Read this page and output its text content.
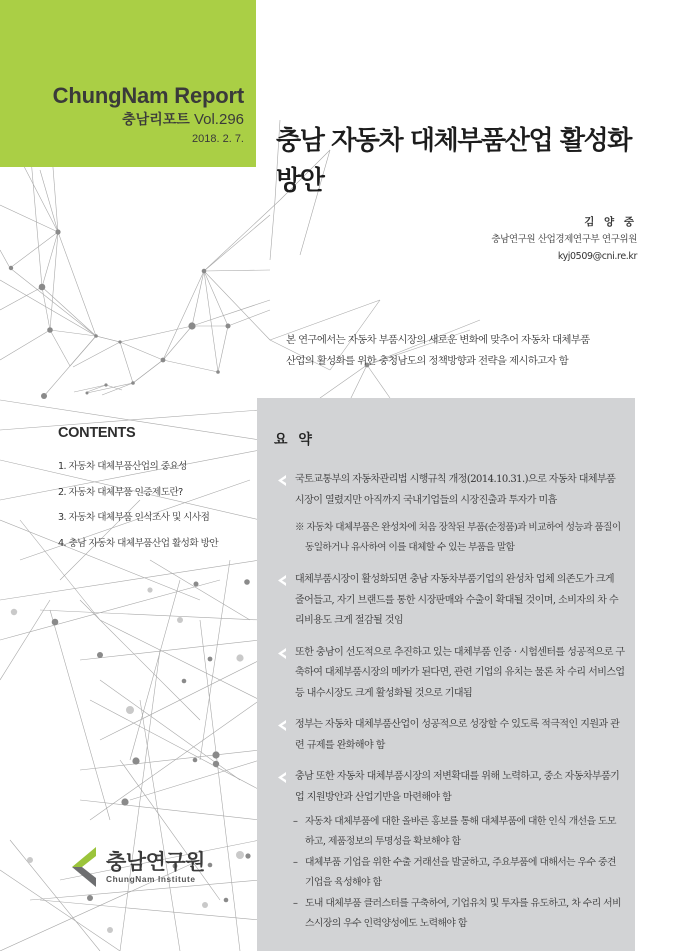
ChungNam Report
충남리포트 Vol.296
2018. 2. 7. 충남 자동차 대체부품산업 활성화
방안
김 양 중
충남연구원 산업경제연구부 연구위원
kyj0509@cni.re.kr
본 연구에서는 자동차 부품시장의 새로운 변화에 맞추어 자동차 대체부품
산업의 활성화를 위한 충청남도의 정책방향과 전략을 제시하고자 함
CONTENTS
1. 자동차 대체부품산업의 중요성
2. 자동차 대체부품 인증제도란?
3. 자동차 대체부품 인식조사 및 시사점
4. 충남 자동차 대체부품산업 활성화 방안
요 약
국토교통부의 자동차관리법 시행규칙 개정(2014.10.31.)으로 자동차 대체부품 시장이 열렸지만 아직까지 국내기업들의 시장진출과 투자가 미흡
※ 자동차 대체부품은 완성차에 처음 장착된 부품(순정품)과 비교하여 성능과 품질이 동일하거나 유사하여 이를 대체할 수 있는 부품을 말함
대체부품시장이 활성화되면 충남 자동차부품기업의 완성차 업체 의존도가 크게 줄어들고, 자기 브랜드를 통한 시장판매와 수출이 확대될 것이며, 소비자의 차 수리비용도 크게 절감될 것임
또한 충남이 선도적으로 추진하고 있는 대체부품 인증 · 시험센터를 성공적으로 구축하여 대체부품시장의 메카가 된다면, 관련 기업의 유치는 물론 차 수리 서비스업 등 내수시장도 크게 활성화될 것으로 기대됨
정부는 자동차 대체부품산업이 성공적으로 성장할 수 있도록 적극적인 지원과 관련 규제를 완화해야 함
충남 또한 자동차 대체부품시장의 저변확대를 위해 노력하고, 중소 자동차부품기업 지원방안과 산업기반을 마련해야 함
– 자동차 대체부품에 대한 올바른 홍보를 통해 대체부품에 대한 인식 개선을 도모하고, 제품정보의 투명성을 확보해야 함
– 대체부품 기업을 위한 수출 거래선을 발굴하고, 주요부품에 대해서는 우수 중견기업을 육성해야 함
– 도내 대체부품 클러스터를 구축하여, 기업유치 및 투자를 유도하고, 차 수리 서비스시장의 우수 인력양성에도 노력해야 함
충남연구원
ChungNam Institute
